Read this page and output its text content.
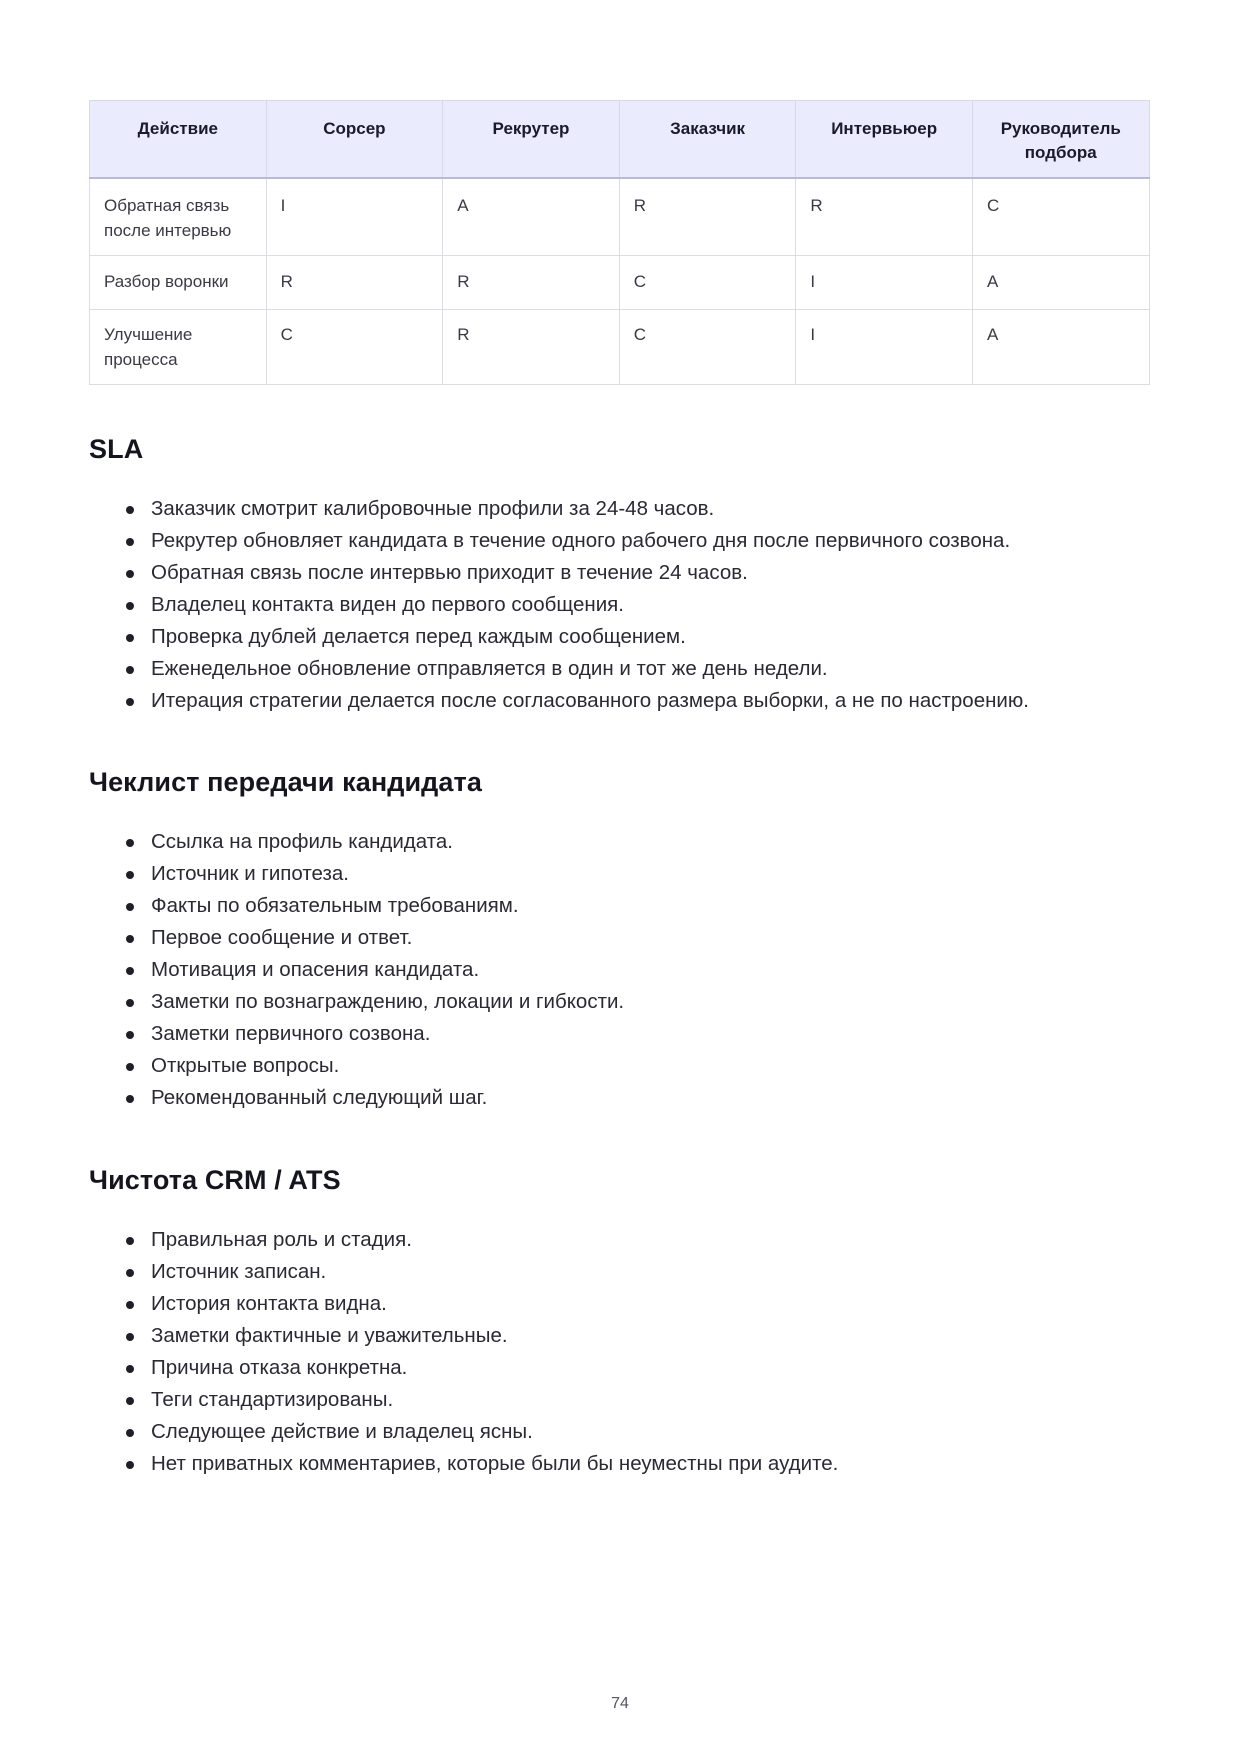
Действие	Сорсер	Рекрутер	Заказчик	Интервьюер	Руководитель подбора
Обратная связь после интервью	I	A	R	R	C
Разбор воронки	R	R	C	I	A
Улучшение процесса	C	R	C	I	A
SLA
Заказчик смотрит калибровочные профили за 24-48 часов.
Рекрутер обновляет кандидата в течение одного рабочего дня после первичного созвона.
Обратная связь после интервью приходит в течение 24 часов.
Владелец контакта виден до первого сообщения.
Проверка дублей делается перед каждым сообщением.
Еженедельное обновление отправляется в один и тот же день недели.
Итерация стратегии делается после согласованного размера выборки, а не по настроению.
Чеклист передачи кандидата
Ссылка на профиль кандидата.
Источник и гипотеза.
Факты по обязательным требованиям.
Первое сообщение и ответ.
Мотивация и опасения кандидата.
Заметки по вознаграждению, локации и гибкости.
Заметки первичного созвона.
Открытые вопросы.
Рекомендованный следующий шаг.
Чистота CRM / ATS
Правильная роль и стадия.
Источник записан.
История контакта видна.
Заметки фактичные и уважительные.
Причина отказа конкретна.
Теги стандартизированы.
Следующее действие и владелец ясны.
Нет приватных комментариев, которые были бы неуместны при аудите.
74
